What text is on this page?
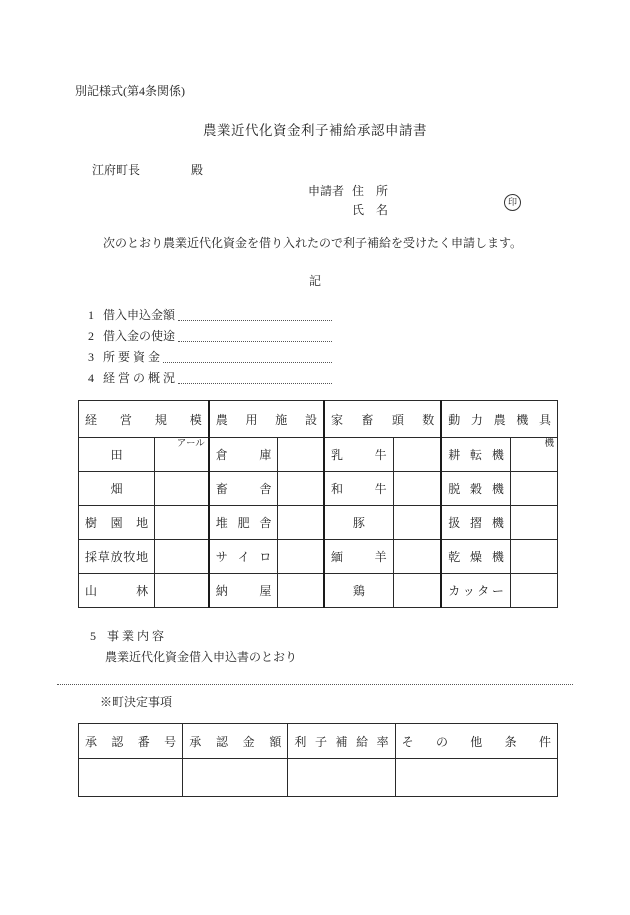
別記様式(第4条関係)
農業近代化資金利子補給承認申請書
江府町長	殿
申請者 住　所
氏　名
印
次のとおり農業近代化資金を借り入れたので利子補給を受けたく申請します。
記
1 借入申込金額
2 借入金の使途
3 所 要 資 金
4 経 営 の 概 況
経 営 規 模		農 用 施 設		家 畜 頭 数		動 力 農 機 具	

田	アール	倉 庫		乳 牛		耕 転 機	機

畑		畜 舎		和 牛		脱 穀 機	

樹 園 地		堆 肥 舎		豚		扱 摺 機	

採 草 放 牧 地		サ イ ロ		緬 羊		乾 燥 機	

山 林		納 屋		鶏		カ ッ タ ー	

5 事 業 内 容
農業近代化資金借入申込書のとおり
※町決定事項
承 認 番 号	承 認 金 額	利 子 補 給 率	そ の 他 条 件
